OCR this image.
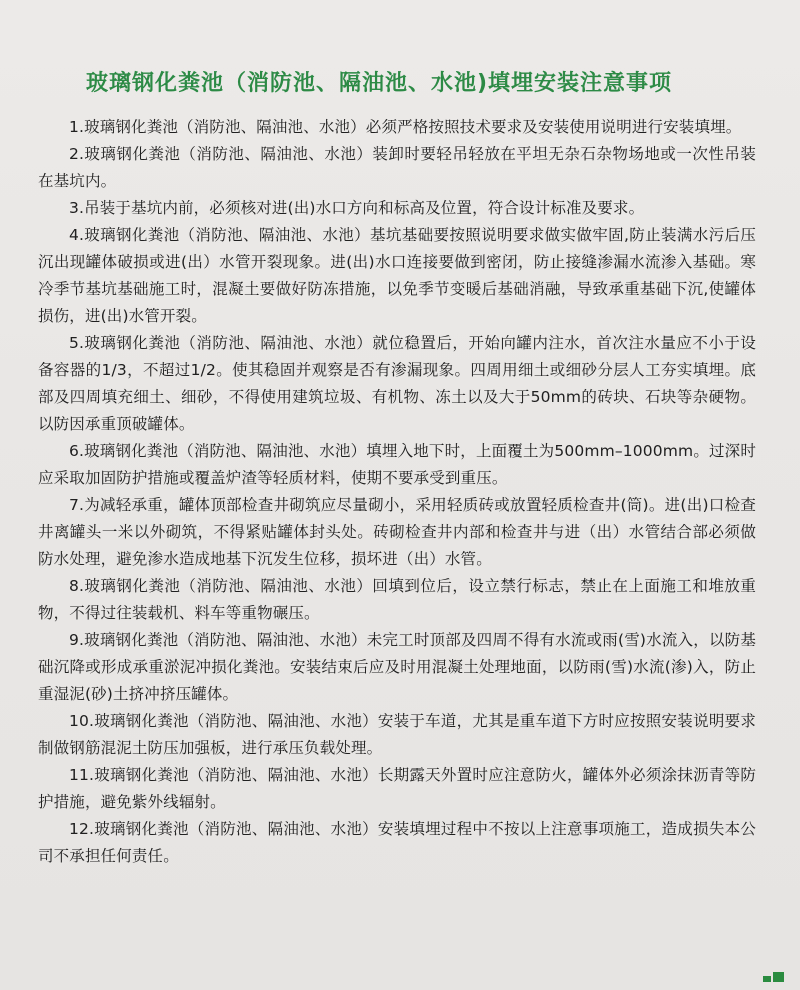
玻璃钢化粪池（消防池、隔油池、水池)填埋安装注意事项

1.玻璃钢化粪池（消防池、隔油池、水池）必须严格按照技术要求及安装使用说明进行安装填埋。

2.玻璃钢化粪池（消防池、隔油池、水池）装卸时要轻吊轻放在平坦无杂石杂物场地或一次性吊装在基坑内。

3.吊装于基坑内前，必须核对进(出)水口方向和标高及位置，符合设计标准及要求。

4.玻璃钢化粪池（消防池、隔油池、水池）基坑基础要按照说明要求做实做牢固,防止装满水污后压沉出现罐体破损或进(出）水管开裂现象。进(出)水口连接要做到密闭，防止接缝渗漏水流渗入基础。寒冷季节基坑基础施工时，混凝土要做好防冻措施，以免季节变暖后基础消融，导致承重基础下沉,使罐体损伤，进(出)水管开裂。

5.玻璃钢化粪池（消防池、隔油池、水池）就位稳置后，开始向罐内注水，首次注水量应不小于设备容器的1/3，不超过1/2。使其稳固并观察是否有渗漏现象。四周用细土或细砂分层人工夯实填埋。底部及四周填充细土、细砂，不得使用建筑垃圾、有机物、冻土以及大于50mm的砖块、石块等杂硬物。以防因承重顶破罐体。

6.玻璃钢化粪池（消防池、隔油池、水池）填埋入地下时，上面覆土为500mm–1000mm。过深时应采取加固防护措施或覆盖炉渣等轻质材料，使期不要承受到重压。

7.为减轻承重，罐体顶部检查井砌筑应尽量砌小，采用轻质砖或放置轻质检查井(筒)。进(出)口检查井离罐头一米以外砌筑，不得紧贴罐体封头处。砖砌检查井内部和检查井与进（出）水管结合部必须做防水处理，避免渗水造成地基下沉发生位移，损坏进（出）水管。

8.玻璃钢化粪池（消防池、隔油池、水池）回填到位后，设立禁行标志，禁止在上面施工和堆放重物，不得过往装载机、料车等重物碾压。

9.玻璃钢化粪池（消防池、隔油池、水池）未完工时顶部及四周不得有水流或雨(雪)水流入，以防基础沉降或形成承重淤泥冲损化粪池。安装结束后应及时用混凝土处理地面，以防雨(雪)水流(渗)入，防止重湿泥(砂)土挤冲挤压罐体。

10.玻璃钢化粪池（消防池、隔油池、水池）安装于车道，尤其是重车道下方时应按照安装说明要求制做钢筋混泥土防压加强板，进行承压负载处理。

11.玻璃钢化粪池（消防池、隔油池、水池）长期露天外置时应注意防火，罐体外必须涂抹沥青等防护措施，避免紫外线辐射。

12.玻璃钢化粪池（消防池、隔油池、水池）安装填埋过程中不按以上注意事项施工，造成损失本公司不承担任何责任。
